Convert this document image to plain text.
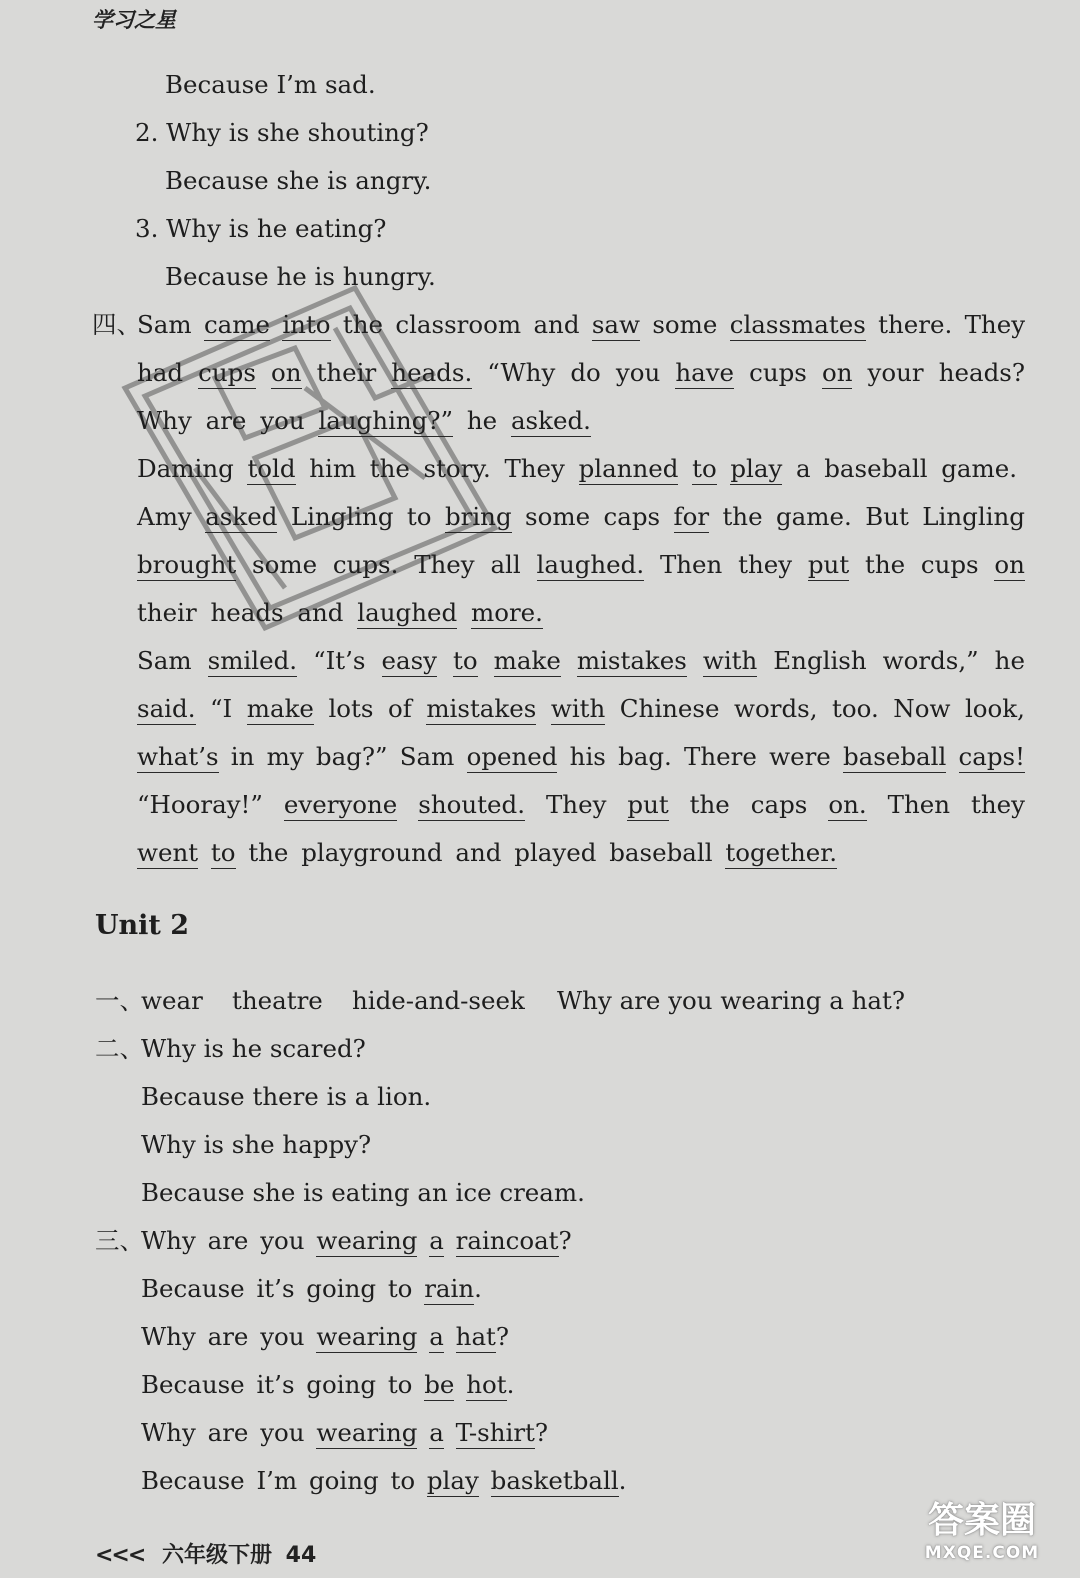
学习之星
Because I’m sad.
2. Why is she shouting?
Because she is angry.
3. Why is he eating?
Because he is hungry.
四、
Sam came into the classroom and saw some classmates there. They
had cups on their heads. “Why do you have cups on your heads?
Why are you laughing?” he asked.
Daming told him the story. They planned to play a baseball game.
Amy asked Lingling to bring some caps for the game. But Lingling
brought some cups. They all laughed. Then they put the cups on
their heads and laughed more.
Sam smiled. “It’s easy to make mistakes with English words,” he
said. “I make lots of mistakes with Chinese words, too. Now look,
what’s in my bag?” Sam opened his bag. There were baseball caps!
“Hooray!” everyone shouted. They put the caps on. Then they
went to the playground and played baseball together.
Unit 2
一、
wear theatre hide-and-seek Why are you wearing a hat?
二、
Why is he scared?
Because there is a lion.
Why is she happy?
Because she is eating an ice cream.
三、
Why are you wearing a raincoat?
Because it’s going to rain.
Why are you wearing a hat?
Because it’s going to be hot.
Why are you wearing a T-shirt?
Because I’m going to play basketball.
<<< 六年级下册 44
答案圈
MXQE.COM
